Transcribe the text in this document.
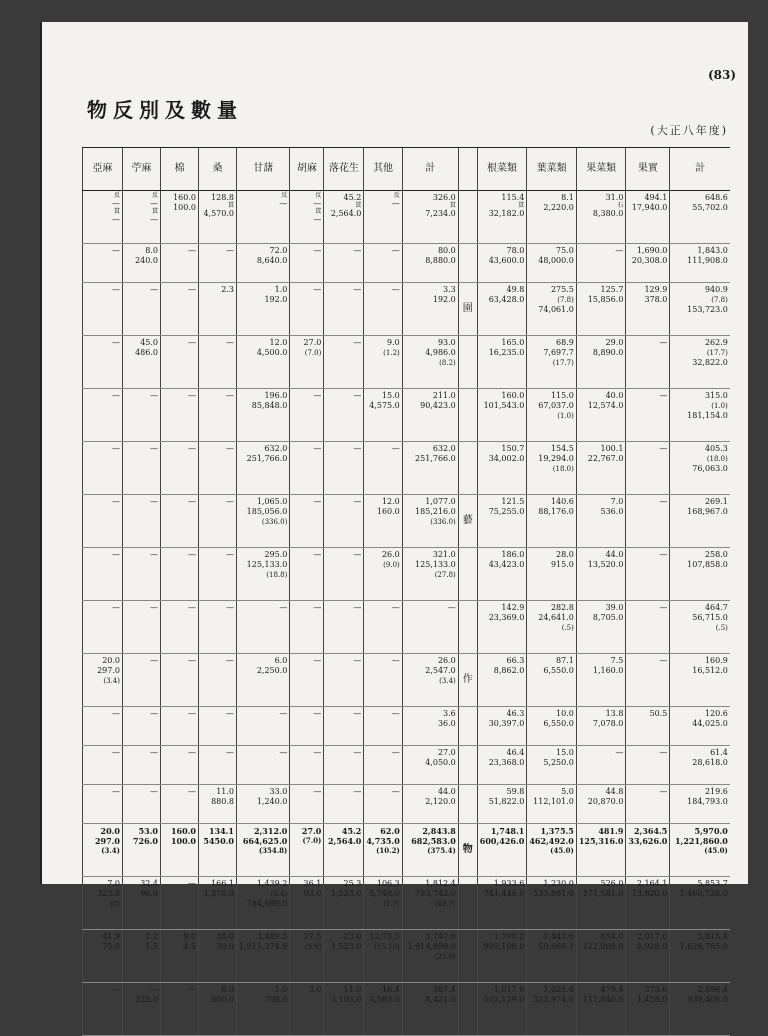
(83)
物反別及數量
(大正八年度)
亞麻	苧麻	棉	桑	甘藷	胡麻	落花生	其他	計		根菜類	葉菜類	果菜類	果實	計

反
—
貫
—	反
—
貫
—	160.0
100.0	128.8
貫
4,570.0	反
—	反
—
貫
—	45.2
貫
2,564.0	反
—	326.0
貫
7,234.0		115.4
貫
32,182.0	8.1
2,220.0	31.0
石
8,380.0	494.1
17,940.0	648.6
55,702.0

—	8.0
240.0	—	—	72.0
8,640.0	—	—	—	80.0
8,880.0		78.0
43,600.0	75.0
48,000.0	—	1,690.0
20,308.0	1,843.0
111,908.0

—	—	—	2.3	1.0
192.0	—	—	—	3.3
192.0	園	49.8
63,428.0	275.5
(7.8)
74,061.0	125.7
15,856.0	129.9
378.0	940.9
(7.8)
153,723.0

—	45.0
486.0	—	—	12.0
4,500.0	27.0
(7.0)	—	9.0
(1.2)	93.0
4,986.0
(8.2)		165.0
16,235.0	68.9
7,697.7
(17.7)	29.0
8,890.0	—	262.9
(17.7)
32,822.0

—	—	—	—	196.0
85,848.0	—	—	15.0
4,575.0	211.0
90,423.0		160.0
101,543.0	115.0
67,037.0
(1.0)	40.0
12,574.0	—	315.0
(1.0)
181,154.0

—	—	—	—	632.0
251,766.0	—	—	—	632.0
251,766.0		150.7
34,002.0	154.5
19,294.0
(18.0)	100.1
22,767.0	—	405.3
(18.0)
76,063.0

—	—	—	—	1,065.0
185,056.0
(336.0)	—	—	12.0
160.0	1,077.0
185,216.0
(336.0)	藝	121.5
75,255.0	140.6
88,176.0	7.0
536.0	—	269.1
168,967.0

—	—	—	—	295.0
125,133.0
(18.8)	—	—	26.0
(9.0)	321.0
125,133.0
(27.8)		186.0
43,423.0	28.0
915.0	44.0
13,520.0	—	258.0
107,858.0

—	—	—	—	—	—	—	—	—		142.9
23,369.0	282.8
24,641.0
(.5)	39.0
8,705.0	—	464.7
56,715.0
(.5)

20.0
297.0
(3.4)	—	—	—	6.0
2,250.0	—	—	—	26.0
2,547.0
(3.4)	作	66.3
8,862.0	87.1
6,550.0	7.5
1,160.0	—	160.9
16,512.0

—	—	—	—	—	—	—	—	3.6
36.0		46.3
30,397.0	10.0
6,550.0	13.8
7,078.0	50.5	120.6
44,025.0

—	—	—	—	—	—	—	—	27.0
4,050.0		46.4
23,368.0	15.0
5,250.0	—	—	61.4
28,618.0

—	—	—	11.0
880.8	33.0
1,240.0	—	—	—	44.0
2,120.0		59.8
51,822.0	5.0
112,101.0	44.8
20,870.0	—	219.6
184,793.0

20.0
297.0
(3.4)	53.0
726.0	160.0
100.0	134.1
5450.0	2,312.0
664,625.0
(354.8)	27.0
(7.0)	45.2
2,564.0	62.0
4,735.0
(10.2)	2,843.8
682,583.0
(375.4)	物	1,748.1
600,426.0	1,375.5
462,492.0
(45.0)	481.9
125,316.0	2,364.5
33,626.0	5,970.0
1,221,860.0
(45.0)

7.0
323.8
(8)	32.4
96.0	—	166.1
1,270.0	1,439.2
(3.4)
784,689.0	36.1
93.0	25.3
1,523.0	106.3
5,748.0
(1.7)	1,812.4
793,742.0
(49.7)		1,933.6
741,446.0	1,230.0
533,881.0	526.0
171,581.0	2,164.1
13,820.0	5,853.7
1,460,728.0

41.9
75.0	1.2
1.5	9.0
4.5	38.0
30.0	3,489.5
1,911,374.9	27.5
(9.9)	23.0
1,523.0	12,73.5
(15.10)	3,747.6
1,914,899.0
(25.0)		1,700.2
905,108.0	1,443.6
59,666.1	654.0
122,068.0	2,017.6
4,928.0	5,815.4
1,628,765.0

—	—
225.0	—	8.0
800.0	1.0
708.0	3.0	11.0
3,105.0	16.4
3,583.0	387.4
8,421.0		1,017.6
502,129.0	1,025.8
323,974.0	479.4
111,846.0	373.6
1,458.0	2,896.4
939,406.0
